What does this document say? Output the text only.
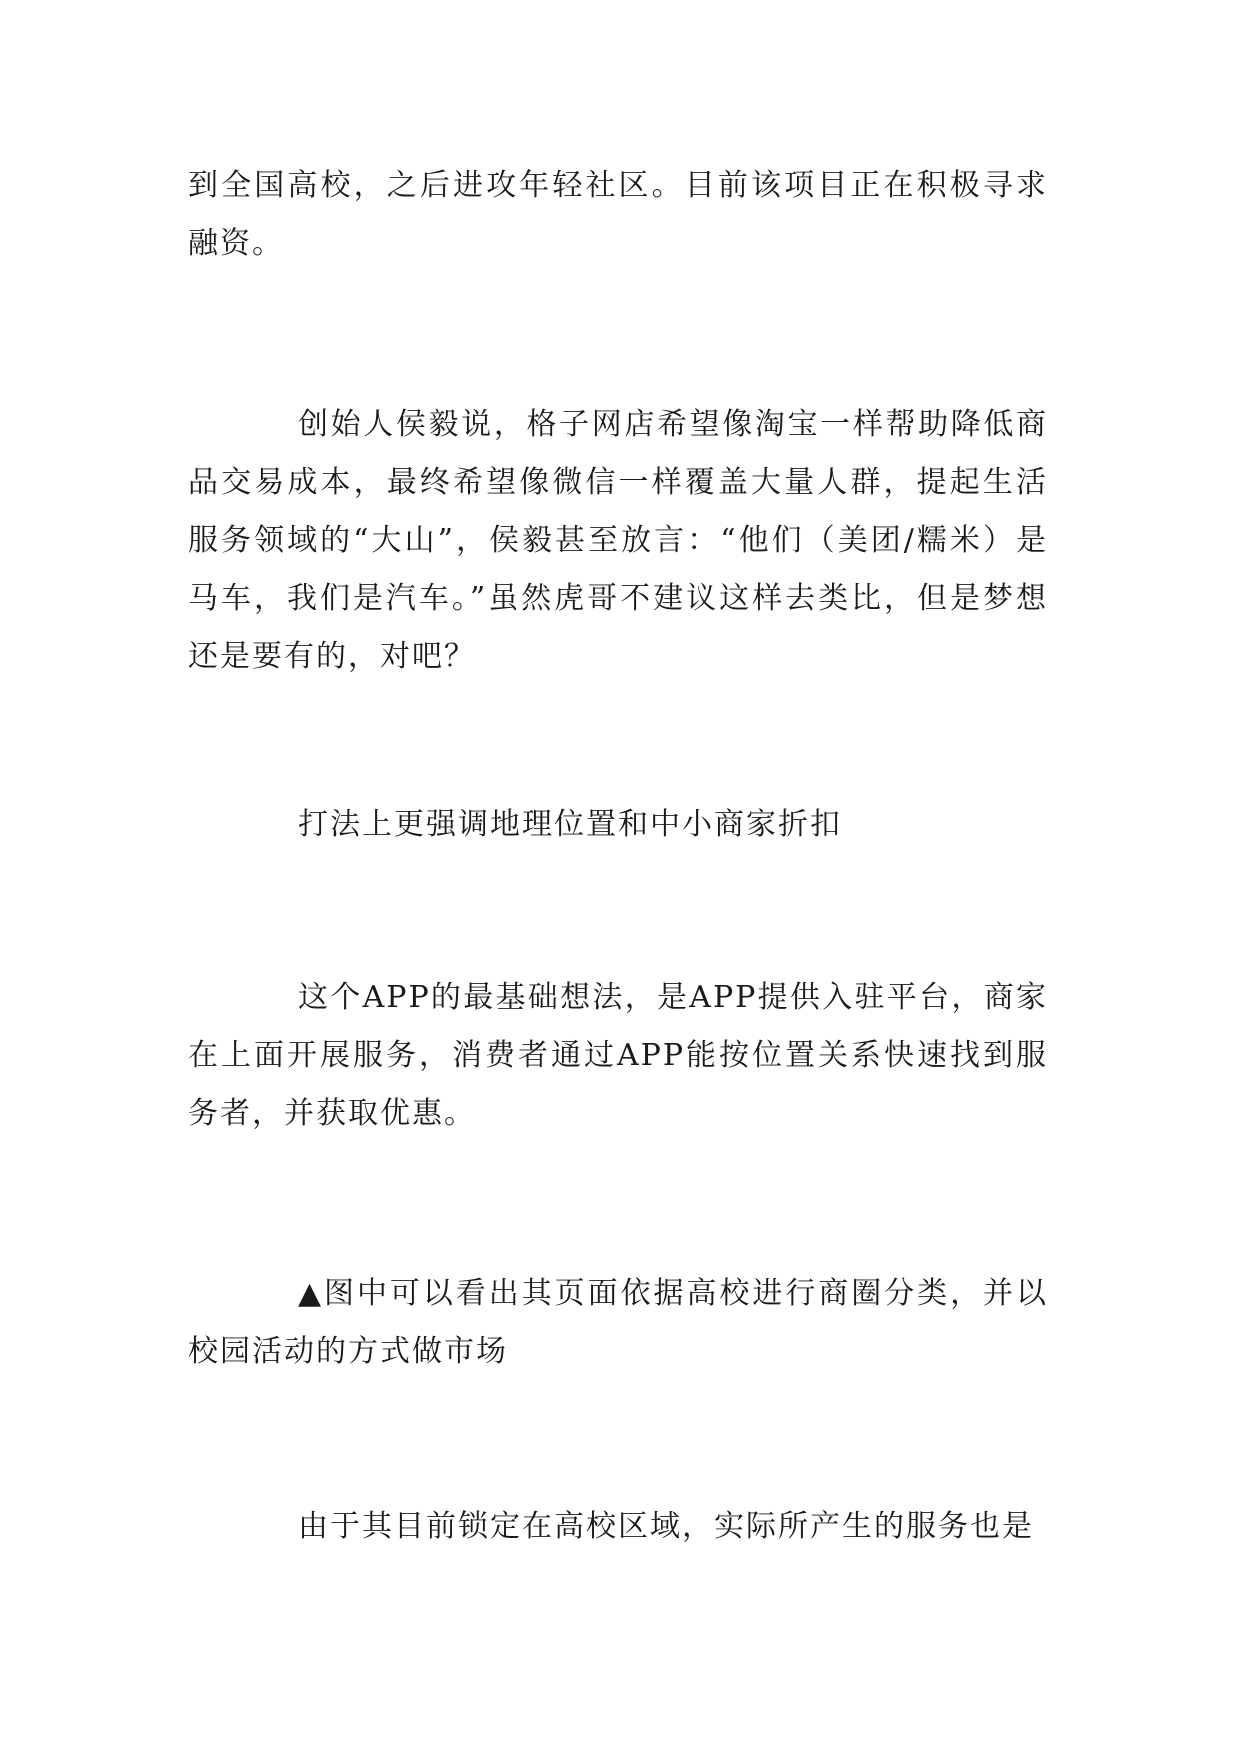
到全国高校，之后进攻年轻社区。目前该项目正在积极寻求融资。

创始人侯毅说，格子网店希望像淘宝一样帮助降低商品交易成本，最终希望像微信一样覆盖大量人群，提起生活服务领域的“大山”，侯毅甚至放言：“他们（美团/糯米）是马车，我们是汽车。”虽然虎哥不建议这样去类比，但是梦想还是要有的，对吧？

打法上更强调地理位置和中小商家折扣

这个APP的最基础想法，是APP提供入驻平台，商家在上面开展服务，消费者通过APP能按位置关系快速找到服务者，并获取优惠。

▲图中可以看出其页面依据高校进行商圈分类，并以校园活动的方式做市场

由于其目前锁定在高校区域，实际所产生的服务也是
